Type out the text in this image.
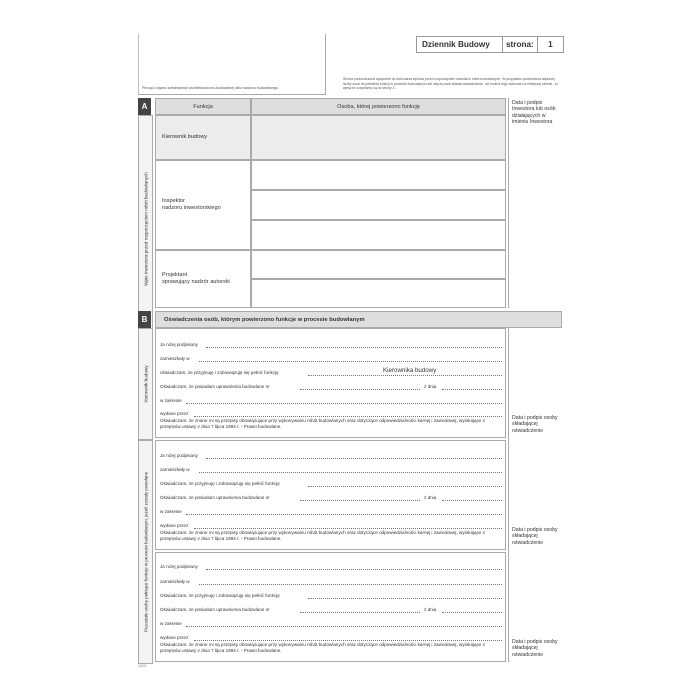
Pieczęć organu administracji architektoniczno-budowlanej albo nadzoru budowlanego
Dziennik Budowy	strona:	1
Strona przeznaczona wyłącznie do dokonania wpisów przed rozpoczęciem wszelkich robót budowlanych. W przypadku powierzenia większej liczby osób do pełnienia funkcji w procesie budowlanym lub więcej osób składa oświadczenie, niż można tego dokonać na niniejszej stronie - to wpisy te uczyniamy są od strony 3.
A
Wpis Inwestora przed rozpoczęciem robót budowlanych
Funkcja	Osoba, której powierzono funkcję
Data i podpis Inwestora lub osób działających w imieniu Inwestora
Kierownik budowy
Inspektor
nadzoru inwestorskiego
Projektant
sprawujący nadzór autorski
B	Oświadczenia osób, którym powierzono funkcje w procesie budowlanym
Kierownik budowy
Pozostałe osoby pełniące funkcje w procesie budowlanym, jeżeli zostały powołane
Ja niżej podpisany
zamieszkały w
oświadczam, że przyjmuję i zobowiązuję się pełnić funkcję	Kierownika budowy
Oświadczam, że posiadam uprawnienia budowlane nr	z dnia
w zakresie
wydane przez
Oświadczam, że znane mi są przepisy obowiązujące przy wykonywaniu robót budowlanych oraz dotyczące odpowiedzialności karnej i zawodowej, wynikające z przepisów ustawy z dnia 7 lipca 1994 r. - Prawo budowlane.
Data i podpis osoby składającej oświadczenie
Ja niżej podpisany
zamieszkały w
Oświadczam, że przyjmuję i zobowiązuję się pełnić funkcję
Oświadczam, że posiadam uprawnienia budowlane nr	z dnia
w zakresie
wydane przez
Oświadczam, że znane mi są przepisy obowiązujące przy wykonywaniu robót budowlanych oraz dotyczące odpowiedzialności karnej i zawodowej, wynikające z przepisów ustawy z dnia 7 lipca 1994 r. - Prawo budowlane.
Data i podpis osoby składającej oświadczenie
Ja niżej podpisany
zamieszkały w
Oświadczam, że przyjmuję i zobowiązuję się pełnić funkcję
Oświadczam, że posiadam uprawnienia budowlane nr	z dnia
w zakresie
wydane przez
Oświadczam, że znane mi są przepisy obowiązujące przy wykonywaniu robót budowlanych oraz dotyczące odpowiedzialności karnej i zawodowej, wynikające z przepisów ustawy z dnia 7 lipca 1994 r. - Prawo budowlane.
Data i podpis osoby składającej oświadczenie
1413
